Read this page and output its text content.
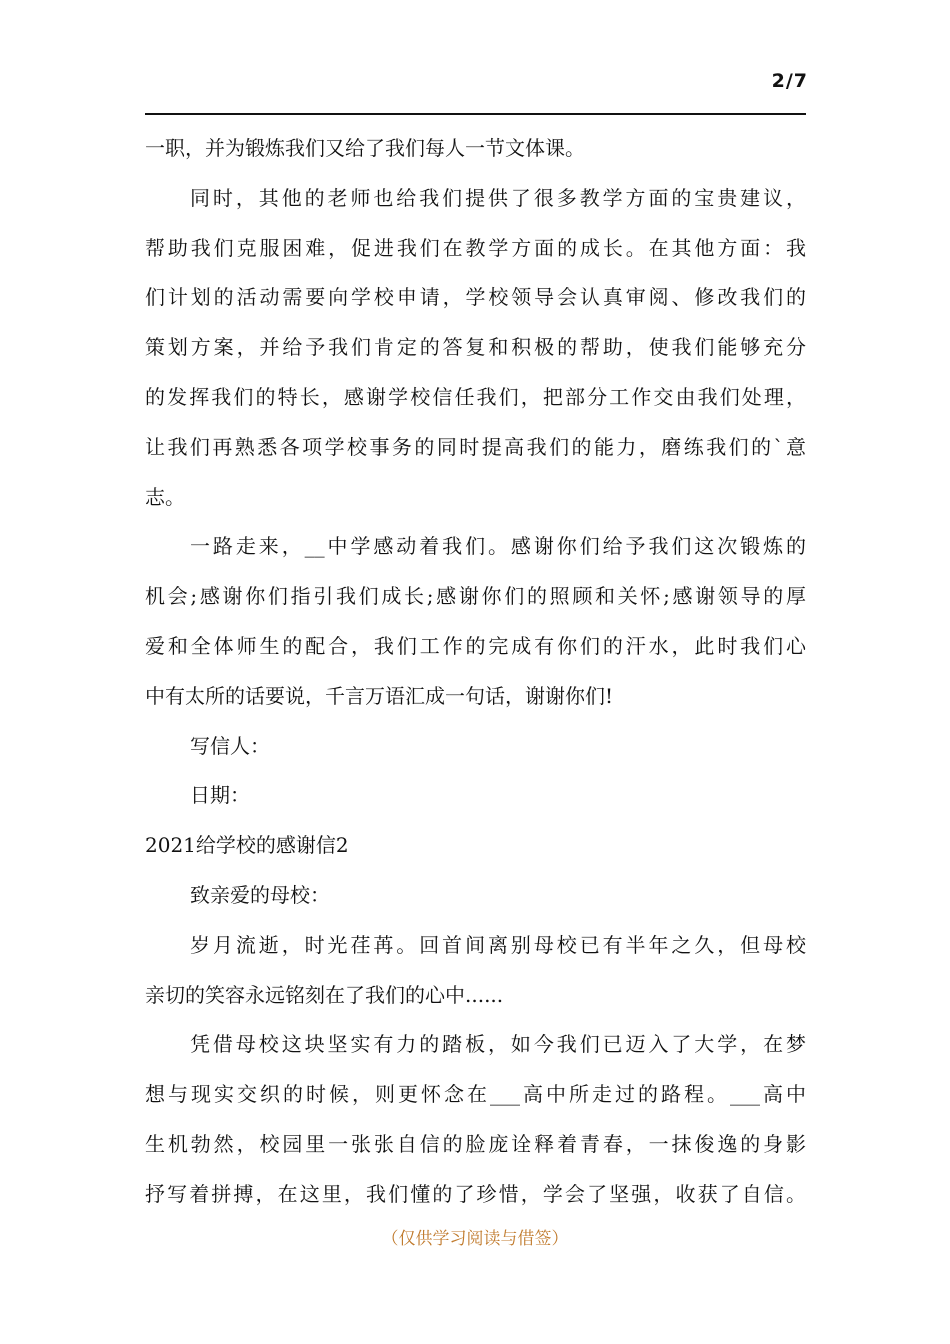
2/7
一职，并为锻炼我们又给了我们每人一节文体课。
同时，其他的老师也给我们提供了很多教学方面的宝贵建议，
帮助我们克服困难，促进我们在教学方面的成长。在其他方面：我
们计划的活动需要向学校申请，学校领导会认真审阅、修改我们的
策划方案，并给予我们肯定的答复和积极的帮助，使我们能够充分
的发挥我们的特长，感谢学校信任我们，把部分工作交由我们处理，
让我们再熟悉各项学校事务的同时提高我们的能力，磨练我们的`意
志。
一路走来，__中学感动着我们。感谢你们给予我们这次锻炼的
机会;感谢你们指引我们成长;感谢你们的照顾和关怀;感谢领导的厚
爱和全体师生的配合，我们工作的完成有你们的汗水，此时我们心
中有太所的话要说，千言万语汇成一句话，谢谢你们!
写信人：
日期：
2021给学校的感谢信2
致亲爱的母校：
岁月流逝，时光荏苒。回首间离别母校已有半年之久，但母校
亲切的笑容永远铭刻在了我们的心中......
凭借母校这块坚实有力的踏板，如今我们已迈入了大学，在梦
想与现实交织的时候，则更怀念在___高中所走过的路程。___高中
生机勃然，校园里一张张自信的脸庞诠释着青春，一抹俊逸的身影
抒写着拼搏，在这里，我们懂的了珍惜，学会了坚强，收获了自信。
（仅供学习阅读与借签）
